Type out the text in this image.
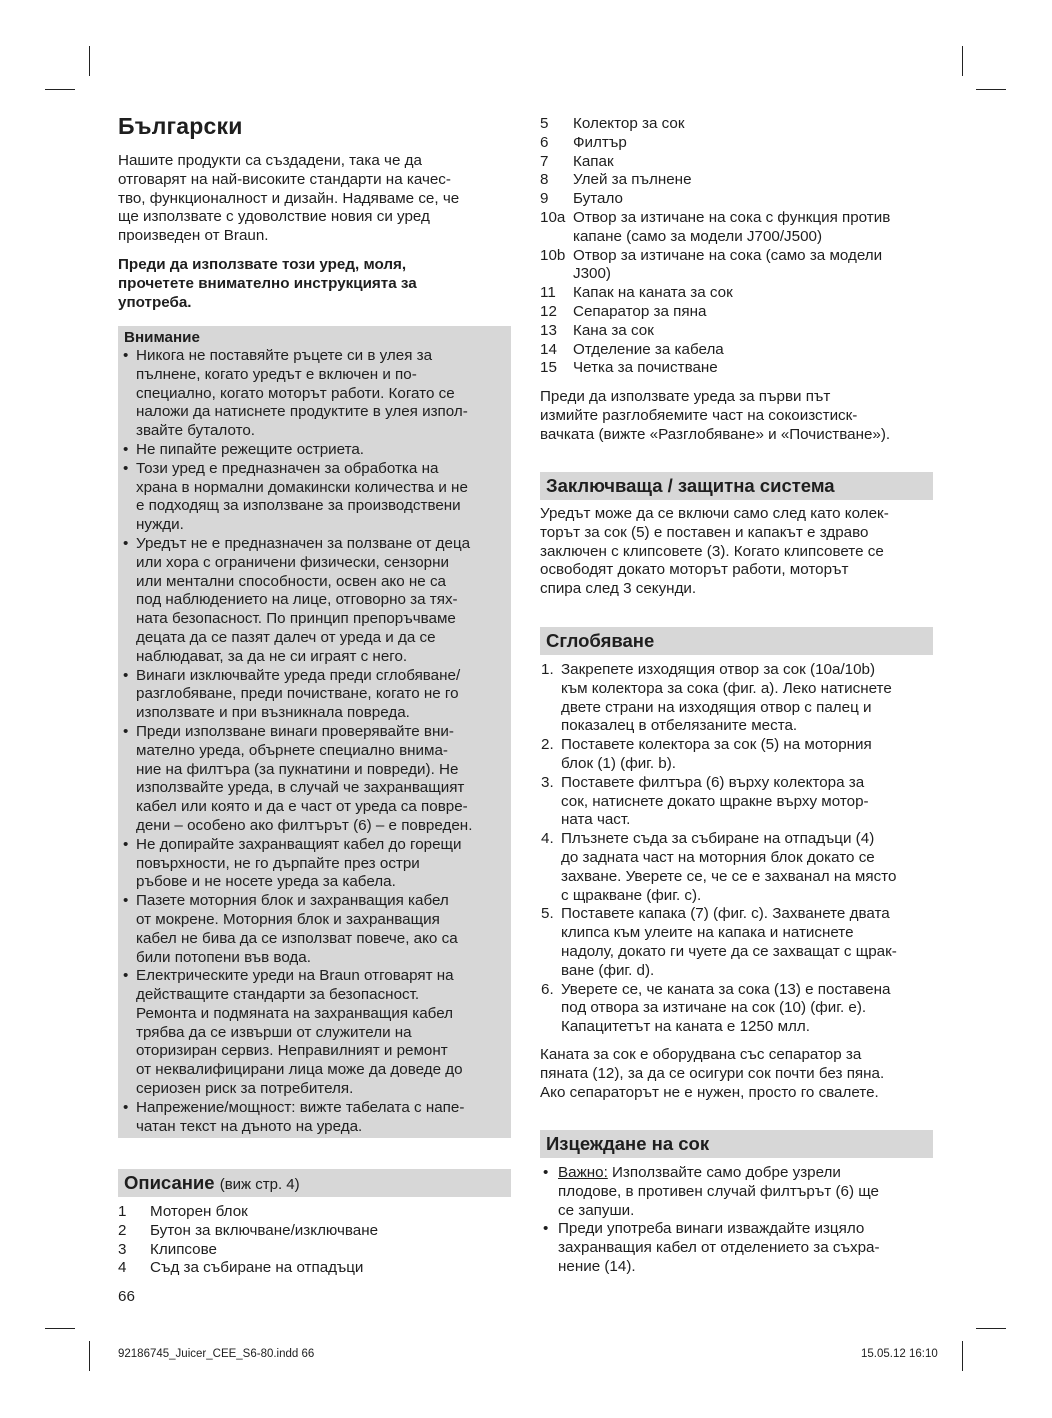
Български
Нашите продукти са създадени, така че да
отговарят на най-високите стандарти на качес-
тво, функционалност и дизайн. Надяваме се, че
ще използвате с удоволствие новия си уред
произведен от Braun.
Преди да използвате този уред, моля,
прочетете внимателно инструкцията за
употреба.
Внимание
• Никога не поставяйте ръцете си в улея за
пълнене, когато уредът е включен и по-
специално, когато моторът работи. Когато се
наложи да натиснете продуктите в улея изпол-
звайте буталото.
• Не пипайте режещите остриета.
• Този уред е предназначен за обработка на
храна в нормални домакински количества и не
е подходящ за използване за производствени
нужди.
• Уредът не е предназначен за ползване от деца
или хора с ограничени физически, сензорни
или ментални способности, освен ако не са
под наблюдението на лице, отговорно за тях-
ната безопасност. По принцип препоръчваме
децата да се пазят далеч от уреда и да се
наблюдават, за да не си играят с него.
• Винаги изключвайте уреда преди сглобяване/
разглобяване, преди почистване, когато не го
използвате и при възникнала повреда.
• Преди използване винаги проверявайте вни-
мателно уреда, обърнете специално внима-
ние на филтъра (за пукнатини и повреди). Не
използвайте уреда, в случай че захранващият
кабел или която и да е част от уреда са повре-
дени – особено ако филтърът (6) – е повреден.
• Не допирайте захранващият кабел до горещи
повърхности, не го дърпайте през остри
ръбове и не носете уреда за кабела.
• Пазете моторния блок и захранващия кабел
от мокрене. Моторния блок и захранващия
кабел не бива да се използват повече, ако са
били потопени във вода.
• Електрическите уреди на Braun отговарят на
действащите стандарти за безопасност.
Ремонта и подмяната на захранващия кабел
трябва да се извърши от служители на
оторизиран сервиз. Неправилният и ремонт
от неквалифицирани лица може да доведе до
сериозен риск за потребителя.
• Напрежение/мощност: вижте табелата с напе-
чатан текст на дъното на уреда.
Описание (виж стр. 4)
1 Моторен блок
2 Бутон за включване/изключване
3 Клипсове
4 Съд за събиране на отпадъци
66
5 Колектор за сок
6 Филтър
7 Капак
8 Улей за пълнене
9 Бутало
10a Отвор за изтичане на сока с функция против
капане (само за модели J700/J500)
10b Отвор за изтичане на сока (само за модели
J300)
11 Капак на каната за сок
12 Сепаратор за пяна
13 Кана за сок
14 Отделение за кабела
15 Четка за почистване
Преди да използвате уреда за първи път
измийте разглобяемите част на сокоизстиск-
вачката (вижте «Разглобяване» и «Почистване»).
Заключваща / защитна система
Уредът може да се включи само след като колек-
торът за сок (5) е поставен и капакът е здраво
заключен с клипсовете (3). Когато клипсовете се
освободят докато моторът работи, моторът
спира след 3 секунди.
Сглобяване
1. Закрепете изходящия отвор за сок (10a/10b)
към колектора за сока (фиг. a). Леко натиснете
двете страни на изходящия отвор с палец и
показалец в отбелязаните места.
2. Поставете колектора за сок (5) на моторния
блок (1) (фиг. b).
3. Поставете филтъра (6) върху колектора за
сок, натиснете докато щракне върху мотор-
ната част.
4. Плъзнете съда за събиране на отпадъци (4)
до задната част на моторния блок докато се
захване. Уверете се, че се е захванал на място
с щракване (фиг. c).
5. Поставете капака (7) (фиг. c). Захванете двата
клипса към улеите на капака и натиснете
надолу, докато ги чуете да се захващат с щрак-
ване (фиг. d).
6. Уверете се, че каната за сока (13) е поставена
под отвора за изтичане на сок (10) (фиг. e).
Капацитетът на каната е 1250 млл.
Каната за сок е оборудвана със сепаратор за
пяната (12), за да се осигури сок почти без пяна.
Ако сепараторът не е нужен, просто го свалете.
Изцеждане на сок
• Важно: Използвайте само добре узрели
плодове, в противен случай филтърът (6) ще
се запуши.
• Преди употреба винаги изваждайте изцяло
захранващия кабел от отделението за съхра-
нение (14).
92186745_Juicer_CEE_S6-80.indd 66	15.05.12 16:10
